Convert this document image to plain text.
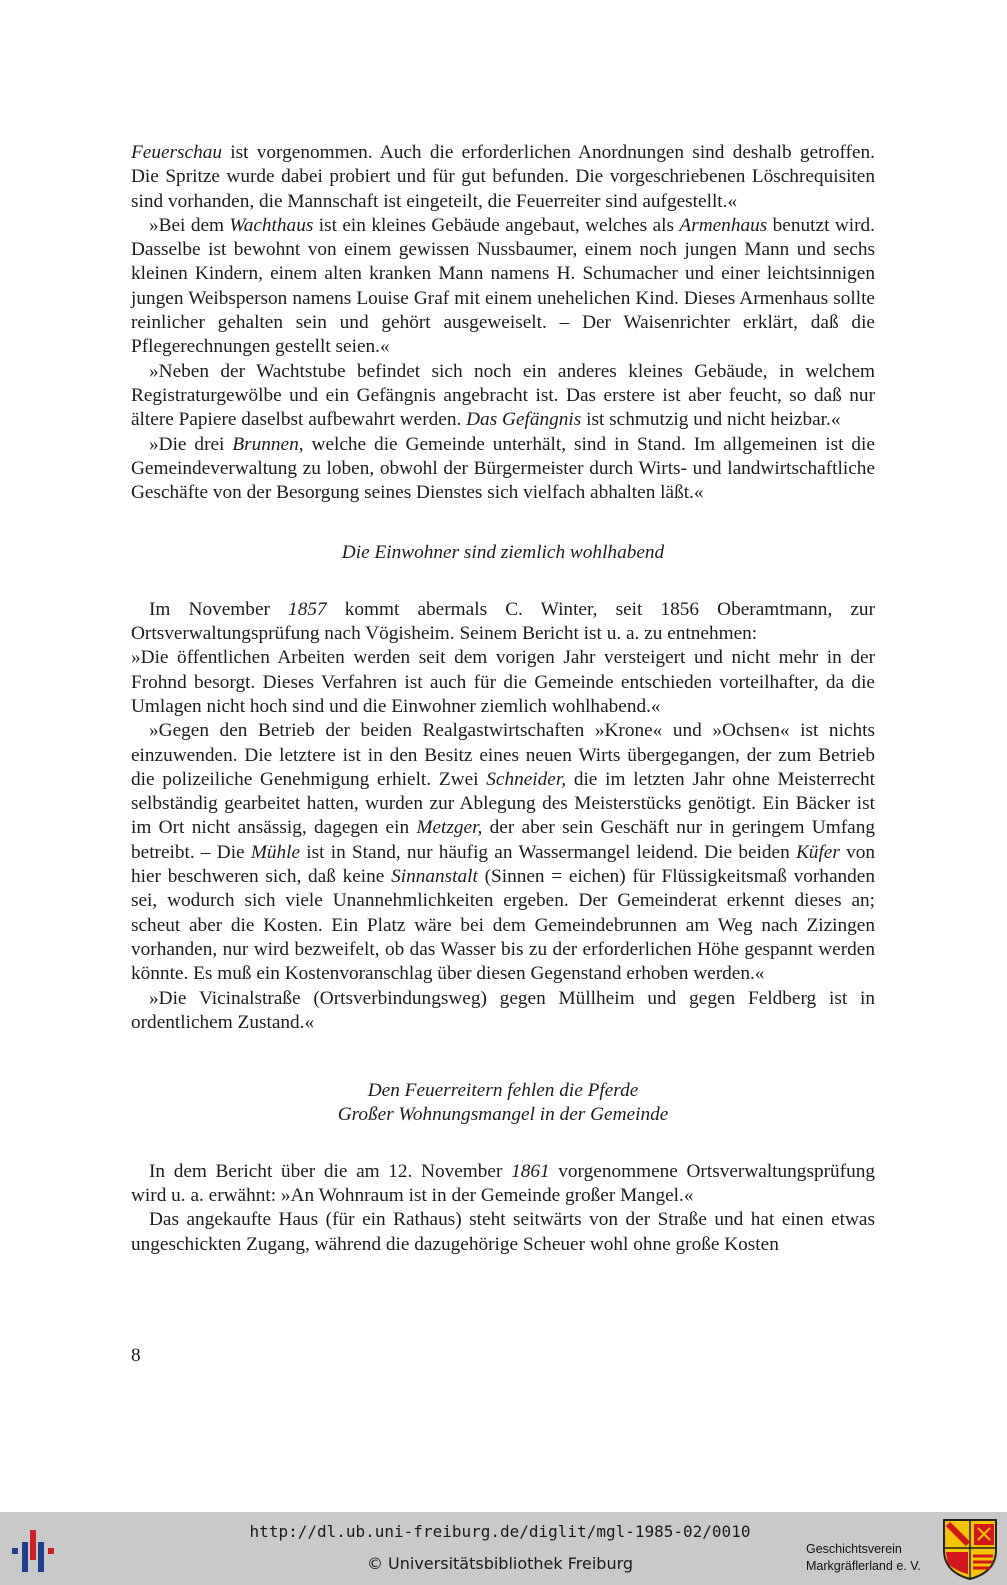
Feuerschau ist vorgenommen. Auch die erforderlichen Anordnungen sind deshalb getroffen. Die Spritze wurde dabei probiert und für gut befunden. Die vorgeschriebenen Löschrequisiten sind vorhanden, die Mannschaft ist eingeteilt, die Feuerreiter sind aufgestellt.«

»Bei dem Wachthaus ist ein kleines Gebäude angebaut, welches als Armenhaus benutzt wird. Dasselbe ist bewohnt von einem gewissen Nussbaumer, einem noch jungen Mann und sechs kleinen Kindern, einem alten kranken Mann namens H. Schumacher und einer leichtsinnigen jungen Weibsperson namens Louise Graf mit einem unehelichen Kind. Dieses Armenhaus sollte reinlicher gehalten sein und gehört ausgeweiselt. – Der Waisenrichter erklärt, daß die Pflegerechnungen gestellt seien.«

»Neben der Wachtstube befindet sich noch ein anderes kleines Gebäude, in welchem Registraturgewölbe und ein Gefängnis angebracht ist. Das erstere ist aber feucht, so daß nur ältere Papiere daselbst aufbewahrt werden. Das Gefängnis ist schmutzig und nicht heizbar.«

»Die drei Brunnen, welche die Gemeinde unterhält, sind in Stand. Im allgemeinen ist die Gemeindeverwaltung zu loben, obwohl der Bürgermeister durch Wirts- und landwirtschaftliche Geschäfte von der Besorgung seines Dienstes sich vielfach abhalten läßt.«

Die Einwohner sind ziemlich wohlhabend

Im November 1857 kommt abermals C. Winter, seit 1856 Oberamtmann, zur Ortsverwaltungsprüfung nach Vögisheim. Seinem Bericht ist u. a. zu entnehmen:

»Die öffentlichen Arbeiten werden seit dem vorigen Jahr versteigert und nicht mehr in der Frohnd besorgt. Dieses Verfahren ist auch für die Gemeinde entschieden vorteilhafter, da die Umlagen nicht hoch sind und die Einwohner ziemlich wohlhabend.«

»Gegen den Betrieb der beiden Realgastwirtschaften »Krone« und »Ochsen« ist nichts einzuwenden. Die letztere ist in den Besitz eines neuen Wirts übergegangen, der zum Betrieb die polizeiliche Genehmigung erhielt. Zwei Schneider, die im letzten Jahr ohne Meisterrecht selbständig gearbeitet hatten, wurden zur Ablegung des Meisterstücks genötigt. Ein Bäcker ist im Ort nicht ansässig, dagegen ein Metzger, der aber sein Geschäft nur in geringem Umfang betreibt. – Die Mühle ist in Stand, nur häufig an Wassermangel leidend. Die beiden Küfer von hier beschweren sich, daß keine Sinnanstalt (Sinnen = eichen) für Flüssigkeitsmaß vorhanden sei, wodurch sich viele Unannehmlichkeiten ergeben. Der Gemeinderat erkennt dieses an; scheut aber die Kosten. Ein Platz wäre bei dem Gemeindebrunnen am Weg nach Zizingen vorhanden, nur wird bezweifelt, ob das Wasser bis zu der erforderlichen Höhe gespannt werden könnte. Es muß ein Kostenvoranschlag über diesen Gegenstand erhoben werden.«

»Die Vicinalstraße (Ortsverbindungsweg) gegen Müllheim und gegen Feldberg ist in ordentlichem Zustand.«

Den Feuerreitern fehlen die Pferde
Großer Wohnungsmangel in der Gemeinde

In dem Bericht über die am 12. November 1861 vorgenommene Ortsverwaltungsprüfung wird u. a. erwähnt: »An Wohnraum ist in der Gemeinde großer Mangel.«

Das angekaufte Haus (für ein Rathaus) steht seitwärts von der Straße und hat einen etwas ungeschickten Zugang, während die dazugehörige Scheuer wohl ohne große Kosten

8
http://dl.ub.uni-freiburg.de/diglit/mgl-1985-02/0010
© Universitätsbibliothek Freiburg
Geschichtsverein
Markgräflerland e. V.
